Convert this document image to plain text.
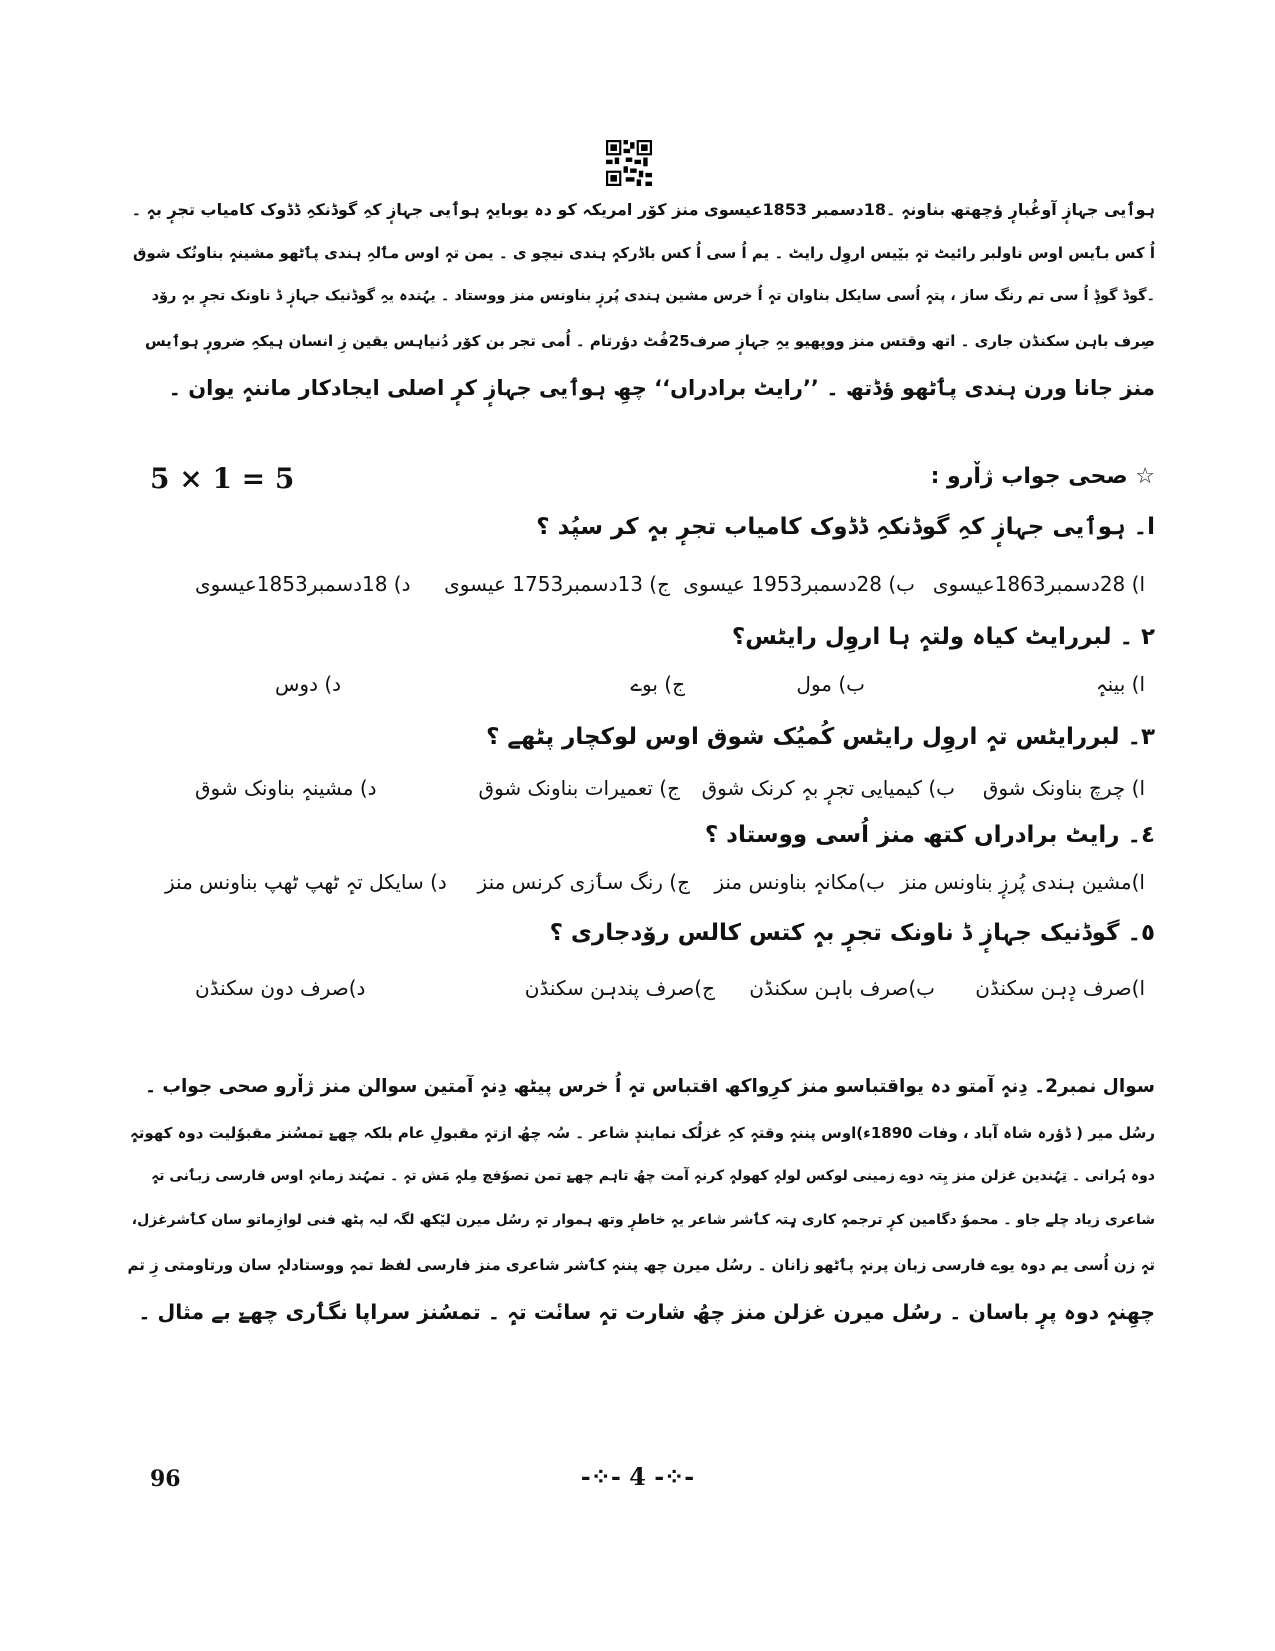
ہوٲیی جہازٕ آوغُبارٕ ؤچھتھ بناونہٕ ۔18دسمبر 1853عیسوی منز کوٚر امریکہ کو دہ یوبایہٕ ہوٲیی جہازٕ کہِ گوڈنکہِ ڈڈوک کامیاب تجرٕ بہٕ ۔
اُ کس بٲیس اوس ناولبر رائیٹ تہٕ بیٚیس اروِل رایٹ ۔ یم اُ سی اُ کس باڈرکہٕ ہندی نیچو ی ۔ یمن تہٕ اوس مٲلہِ ہندی پٲٹھو مشینہٕ بناونُک شوق
۔گوڈ گوڈٕ اُ سی تم رنگ ساز ، پتہٕ اُسی سایکل بناوان تہٕ اُ خرس مشین ہندی پُرزٕ بناونس منز ووستاد ۔ یہُندہ یہِ گوڈنیک جہازٕ ڈ ناونک تجرٕ بہٕ رۆد
صِرف باہن سکنڈن جاری ۔ اتھ وقتس منز ووپھیو یہِ جہازٕ صرف25فُٹ دؤرتام ۔ اُمی تجر بن کوٚر دُنیاہس یقین زِ انسان ہیکہِ ضرورٕ ہوٲیس
منز جانا ورن ہندی پٲٹھو ؤڈتھ ۔ ’’رایٹ برادراں‘‘ چھِ ہوٲیی جہازٕ کرٕ اصلی ایجادکار ماننہٕ یوان ۔
5 × 1 = 5	☆ صحی جواب ژاٚرو :
ا۔ ہوٲیی جہازٕ کہِ گوڈنکہِ ڈڈوک کامیاب تجرٕ بہٕ کر سپُد ؟
ا) 28دسمبر1863عیسوی
ب) 28دسمبر1953 عیسوی
ج) 13دسمبر1753 عیسوی
د) 18دسمبر1853عیسوی
٢ ۔ لبررایٹ کیاہ ولتہٕ ہا اروِل رایٹس؟
ا) بینہٕ
ب) مول
ج) بوے
د) دوس
٣۔ لبررایٹس تہٕ اروِل رایٹس کُمیُک شوق اوس لوکچار پٹھے ؟
ا) چرچ بناونک شوق
ب) کیمیایی تجرٕ بہٕ کرنک شوق
ج) تعمیرات بناونک شوق
د) مشینہٕ بناونک شوق
٤۔ رایٹ برادراں کتھ منز اُسی ووستاد ؟
ا)مشین ہندی پُرزٕ بناونس منز
ب)مکانہٕ بناونس منز
ج) رنگ سٲزی کرنس منز
د) سایکل تہٕ ٹھپ ٹھپ بناونس منز
٥۔ گوڈنیک جہازٕ ڈ ناونک تجرٕ بہٕ کتس کالس رۆدجاری ؟
ا)صرف دٕہن سکنڈن
ب)صرف باہن سکنڈن
ج)صرف پندہن سکنڈن
د)صرف دون سکنڈن
سوال نمبر2۔ دِنہٕ آمتو دہ یواقتباسو منز کرِواکھ اقتباس تہٕ اُ خرس پیٹھ دِنہٕ آمتین سوالن منز ژاٚرو صحی جواب ۔
رسُل میر ( ڈؤرہ شاہ آباد ، وفات 1890ء)اوس پننہٕ وقتہٕ کہِ غزلُک نمایندٕ شاعر ۔ سُہ چھُ ازتہٕ مقبولِ عام بلکہ چھےٚ تمسُنز مقبوٗلیت دوہ کھوتہٕ
دوہ ہُرانی ۔ تِہُندین غزلن منز یِتہ دوے زمینی لوکس لولہٕ کھولہٕ کرنہٕ آمت چھُ تاہم چھےٚ تمن تصوٗفچ مِلہٕ مَش تہٕ ۔ تمہُند زمانہٕ اوس فارسی زبٲنی تہٕ
شاعری زیاد چلے جاو ۔ محموٗ دگامین کرٕ ترجمہٕ کاری ہٕتہ کٲشر شاعر یہٕ خاطرٕ وتھ ہموار تہٕ رسُل میرن لیٚکھ لگہ لیہ پٹھ فنی لوازِماتو سان کٲشرغزل،
تہٕ زن اُسی یم دوہ یوے فارسی زبان پرنہٕ پٲٹھو زانان ۔ رسُل میرن چھ پننہٕ کٲشر شاعری منز فارسی لفظ تمہٕ ووستادلہٕ سان ورتاومتی زِ تم
چھِنہٕ دوہ پرٕ باسان ۔ رسُل میرن غزلن منز چھُ شارت تہٕ سانٔت تہٕ ۔ تمسُنز سراپا نگٲری چھےٚ بے مثال ۔
96	-⁘- 4 -⁘-
